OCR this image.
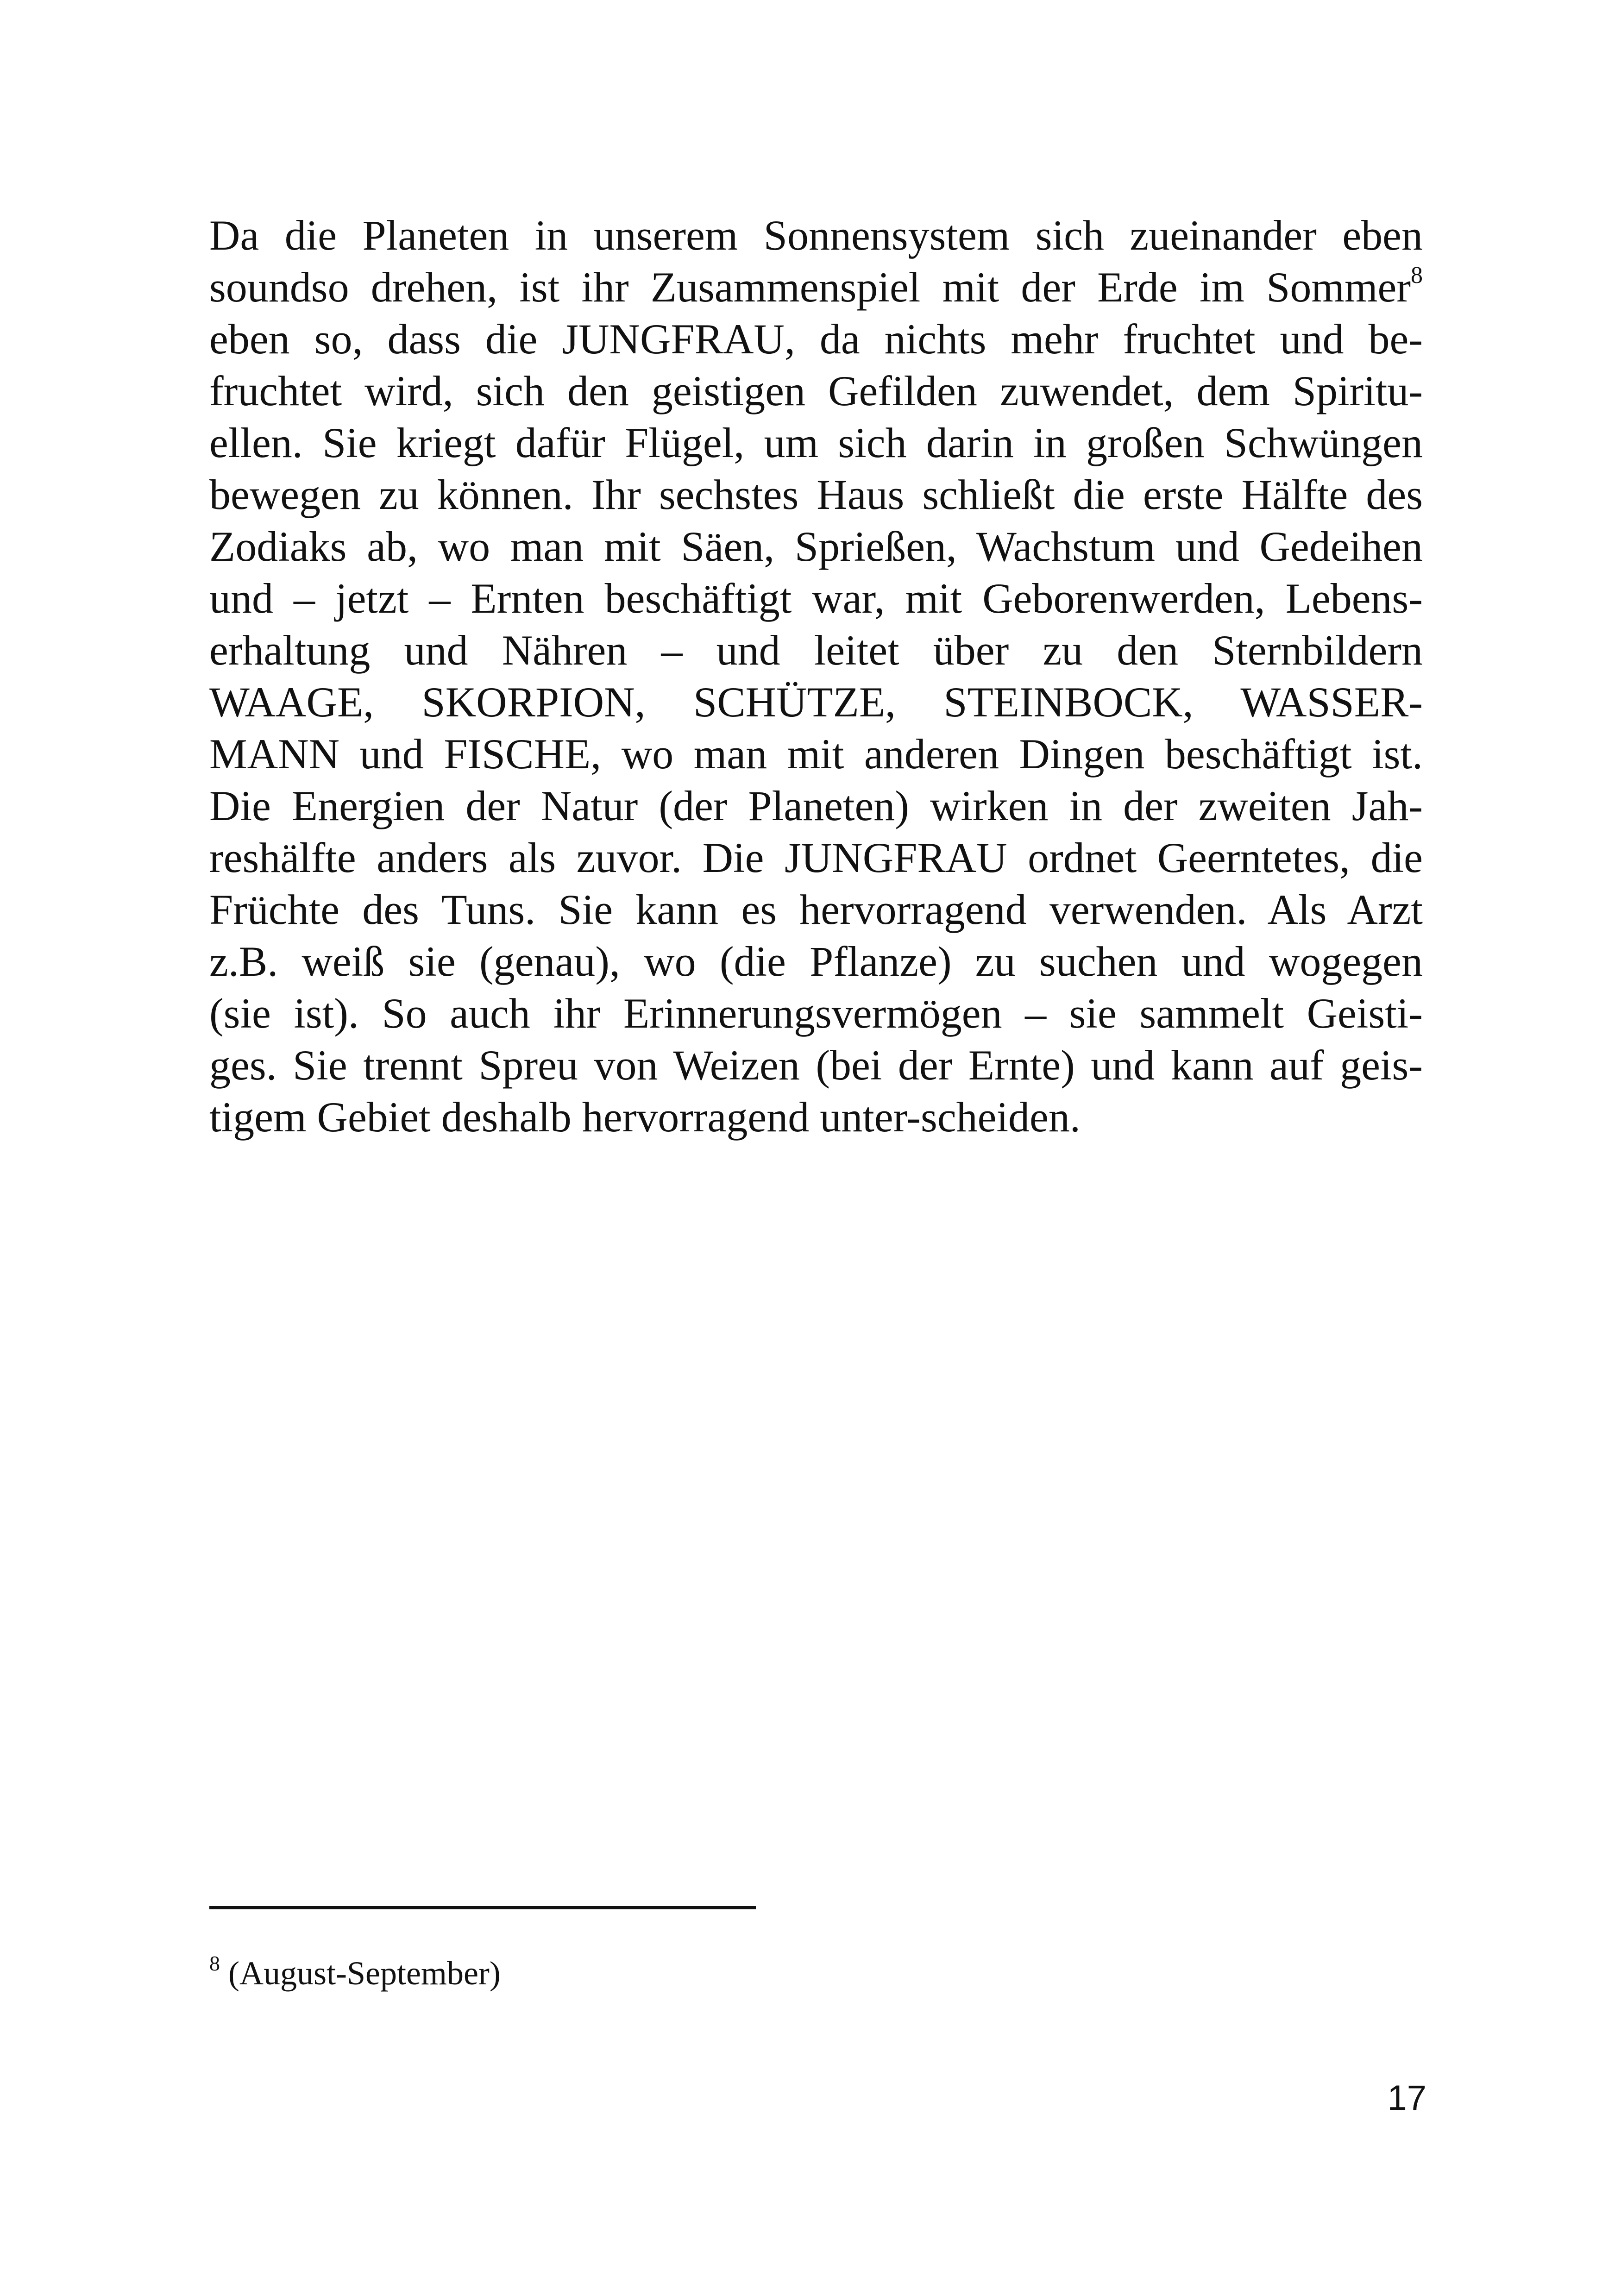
Da die Planeten in unserem Sonnensystem sich zueinander eben
soundso drehen, ist ihr Zusammenspiel mit der Erde im Sommer$^8$
eben so, dass die JUNGFRAU, da nichts mehr fruchtet und be-
fruchtet wird, sich den geistigen Gefilden zuwendet, dem Spiritu-
ellen. Sie kriegt dafür Flügel, um sich darin in großen Schwüngen
bewegen zu können. Ihr sechstes Haus schließt die erste Hälfte des
Zodiaks ab, wo man mit Säen, Sprießen, Wachstum und Gedeihen
und – jetzt – Ernten beschäftigt war, mit Geborenwerden, Lebens-
erhaltung und Nähren – und leitet über zu den Sternbildern
WAAGE, SKORPION, SCHÜTZE, STEINBOCK, WASSER-
MANN und FISCHE, wo man mit anderen Dingen beschäftigt ist.
Die Energien der Natur (der Planeten) wirken in der zweiten Jah-
reshälfte anders als zuvor. Die JUNGFRAU ordnet Geerntetes, die
Früchte des Tuns. Sie kann es hervorragend verwenden. Als Arzt
z.B. weiß sie (genau), wo (die Pflanze) zu suchen und wogegen
(sie ist). So auch ihr Erinnerungsvermögen – sie sammelt Geisti-
ges. Sie trennt Spreu von Weizen (bei der Ernte) und kann auf geis-
tigem Gebiet deshalb hervorragend unter-scheiden.
$^8$ (August-September)
17
